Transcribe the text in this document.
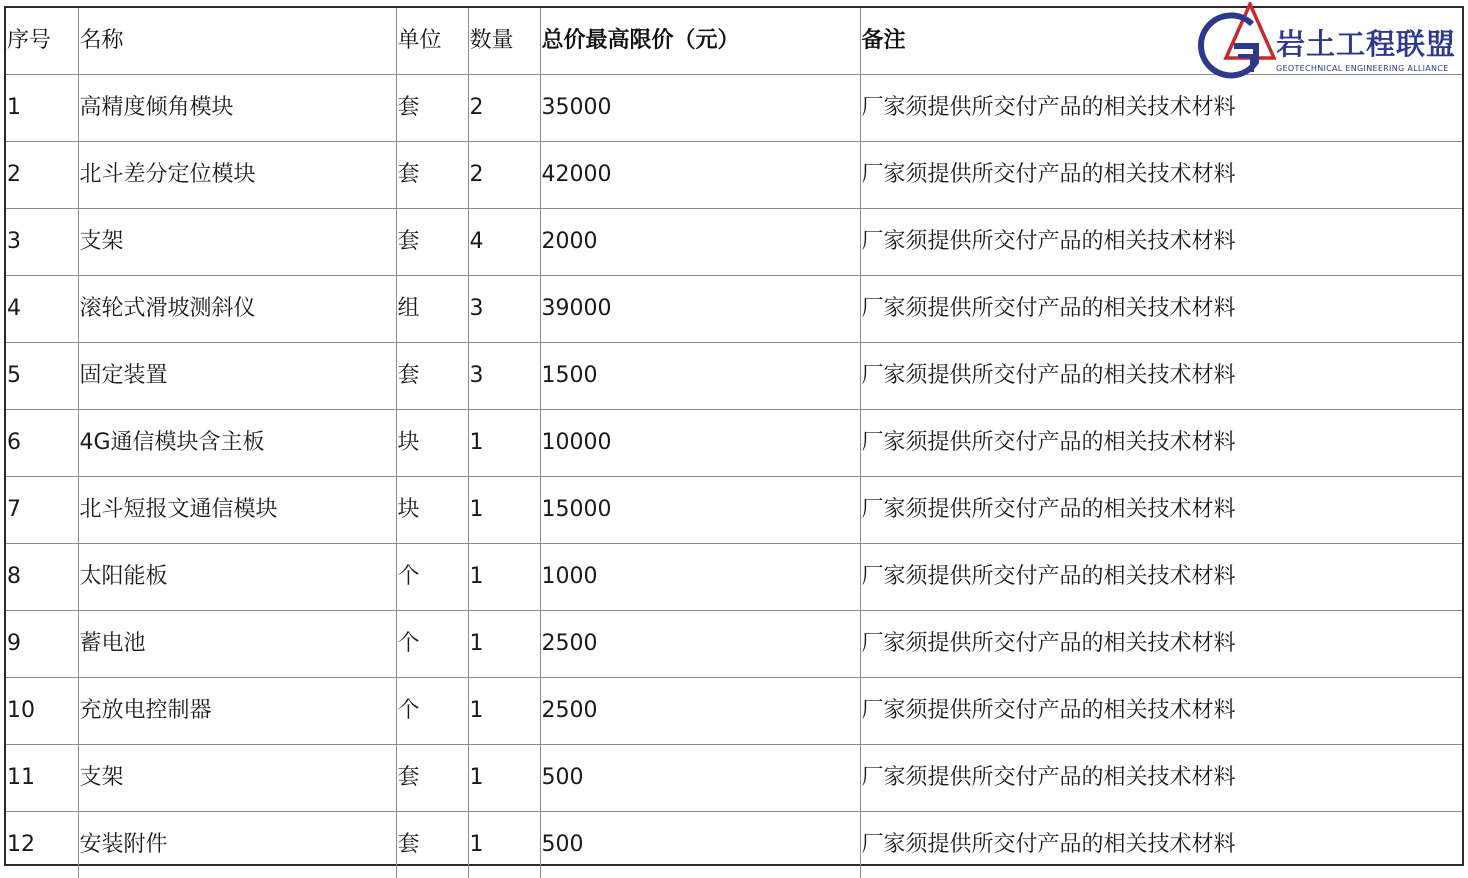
序号	名称	单位	数量	总价最高限价（元）	备注
1	高精度倾角模块	套	2	35000	厂家须提供所交付产品的相关技术材料
2	北斗差分定位模块	套	2	42000	厂家须提供所交付产品的相关技术材料
3	支架	套	4	2000	厂家须提供所交付产品的相关技术材料
4	滚轮式滑坡测斜仪	组	3	39000	厂家须提供所交付产品的相关技术材料
5	固定装置	套	3	1500	厂家须提供所交付产品的相关技术材料
6	4G通信模块含主板	块	1	10000	厂家须提供所交付产品的相关技术材料
7	北斗短报文通信模块	块	1	15000	厂家须提供所交付产品的相关技术材料
8	太阳能板	个	1	1000	厂家须提供所交付产品的相关技术材料
9	蓄电池	个	1	2500	厂家须提供所交付产品的相关技术材料
10	充放电控制器	个	1	2500	厂家须提供所交付产品的相关技术材料
11	支架	套	1	500	厂家须提供所交付产品的相关技术材料
12	安装附件	套	1	500	厂家须提供所交付产品的相关技术材料
岩土工程联盟
GEOTECHNICAL ENGINEERING ALLIANCE
